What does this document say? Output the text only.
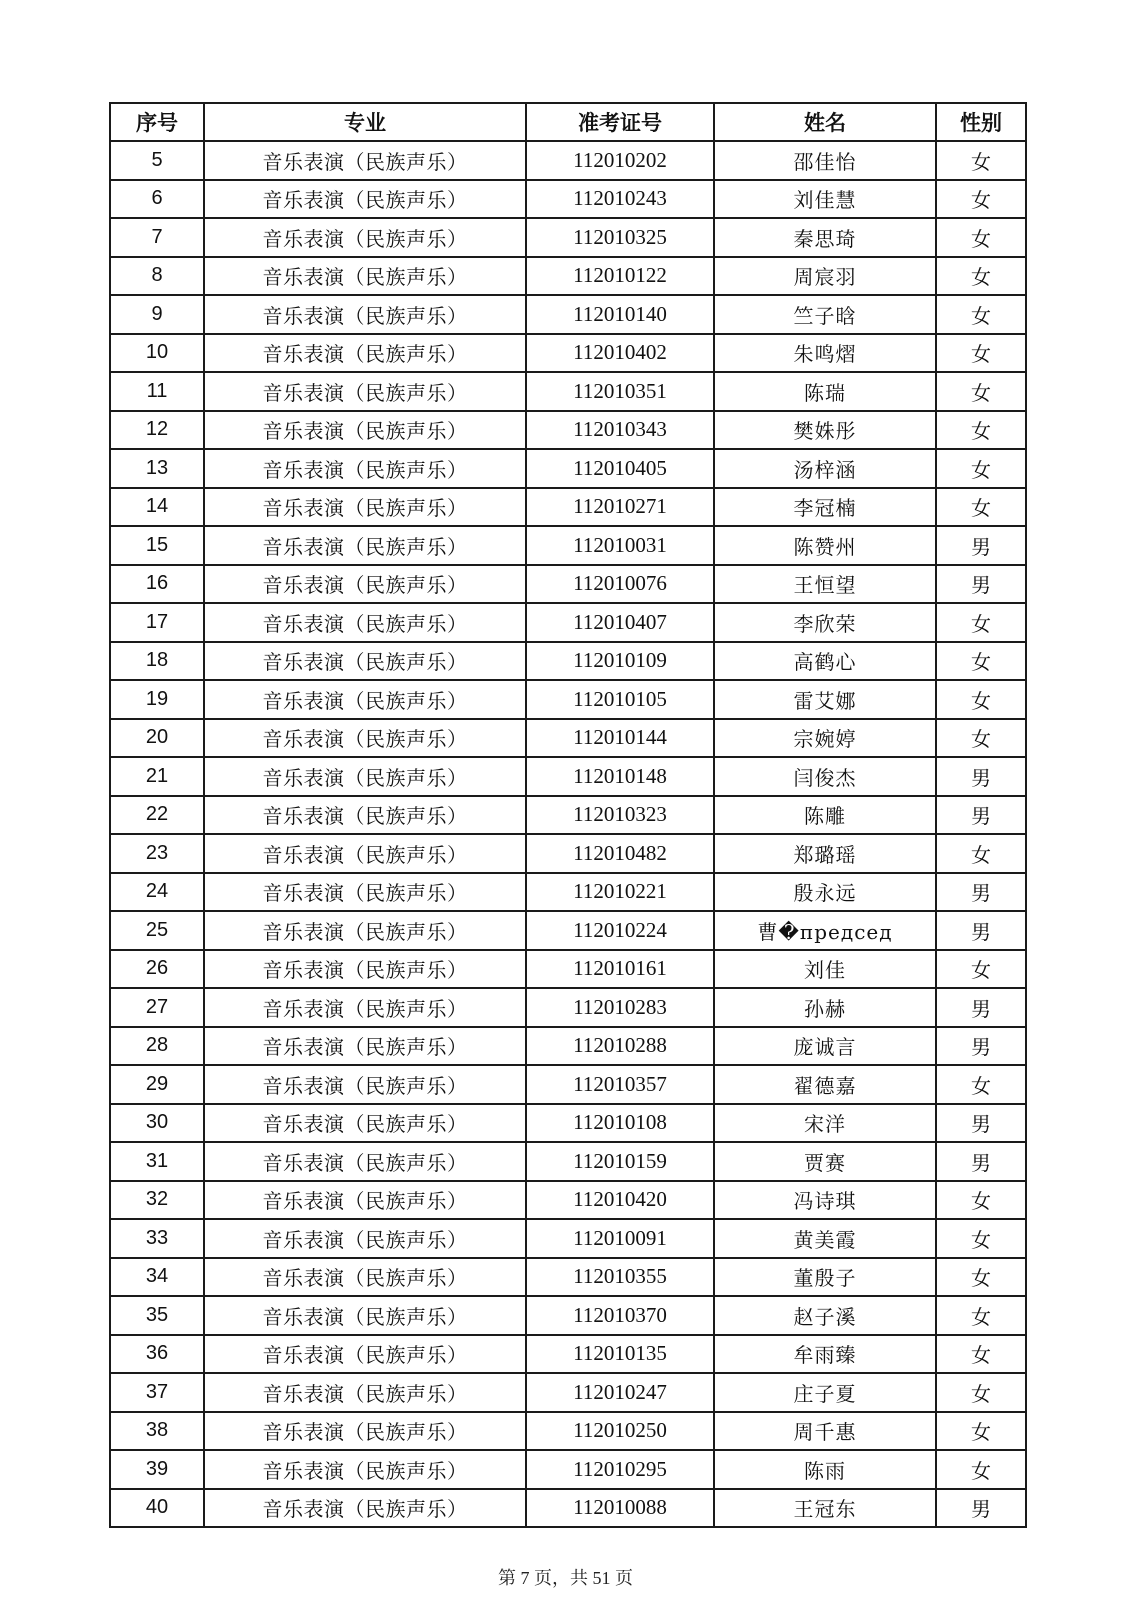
序号	专业	准考证号	姓名	性别
5	音乐表演（民族声乐）	112010202	邵佳怡	女
6	音乐表演（民族声乐）	112010243	刘佳慧	女
7	音乐表演（民族声乐）	112010325	秦思琦	女
8	音乐表演（民族声乐）	112010122	周宸羽	女
9	音乐表演（民族声乐）	112010140	竺子晗	女
10	音乐表演（民族声乐）	112010402	朱鸣熠	女
11	音乐表演（民族声乐）	112010351	陈瑞	女
12	音乐表演（民族声乐）	112010343	樊姝彤	女
13	音乐表演（民族声乐）	112010405	汤梓涵	女
14	音乐表演（民族声乐）	112010271	李冠楠	女
15	音乐表演（民族声乐）	112010031	陈赞州	男
16	音乐表演（民族声乐）	112010076	王恒望	男
17	音乐表演（民族声乐）	112010407	李欣荣	女
18	音乐表演（民族声乐）	112010109	高鹤心	女
19	音乐表演（民族声乐）	112010105	雷艾娜	女
20	音乐表演（民族声乐）	112010144	宗婉婷	女
21	音乐表演（民族声乐）	112010148	闫俊杰	男
22	音乐表演（民族声乐）	112010323	陈雕	男
23	音乐表演（民族声乐）	112010482	郑璐瑶	女
24	音乐表演（民族声乐）	112010221	殷永远	男
25	音乐表演（民族声乐）	112010224	曹�председ	男
26	音乐表演（民族声乐）	112010161	刘佳	女
27	音乐表演（民族声乐）	112010283	孙赫	男
28	音乐表演（民族声乐）	112010288	庞诚言	男
29	音乐表演（民族声乐）	112010357	翟德嘉	女
30	音乐表演（民族声乐）	112010108	宋洋	男
31	音乐表演（民族声乐）	112010159	贾赛	男
32	音乐表演（民族声乐）	112010420	冯诗琪	女
33	音乐表演（民族声乐）	112010091	黄美霞	女
34	音乐表演（民族声乐）	112010355	董殷子	女
35	音乐表演（民族声乐）	112010370	赵子溪	女
36	音乐表演（民族声乐）	112010135	牟雨臻	女
37	音乐表演（民族声乐）	112010247	庄子夏	女
38	音乐表演（民族声乐）	112010250	周千惠	女
39	音乐表演（民族声乐）	112010295	陈雨	女
40	音乐表演（民族声乐）	112010088	王冠东	男
第 7 页，共 51 页
